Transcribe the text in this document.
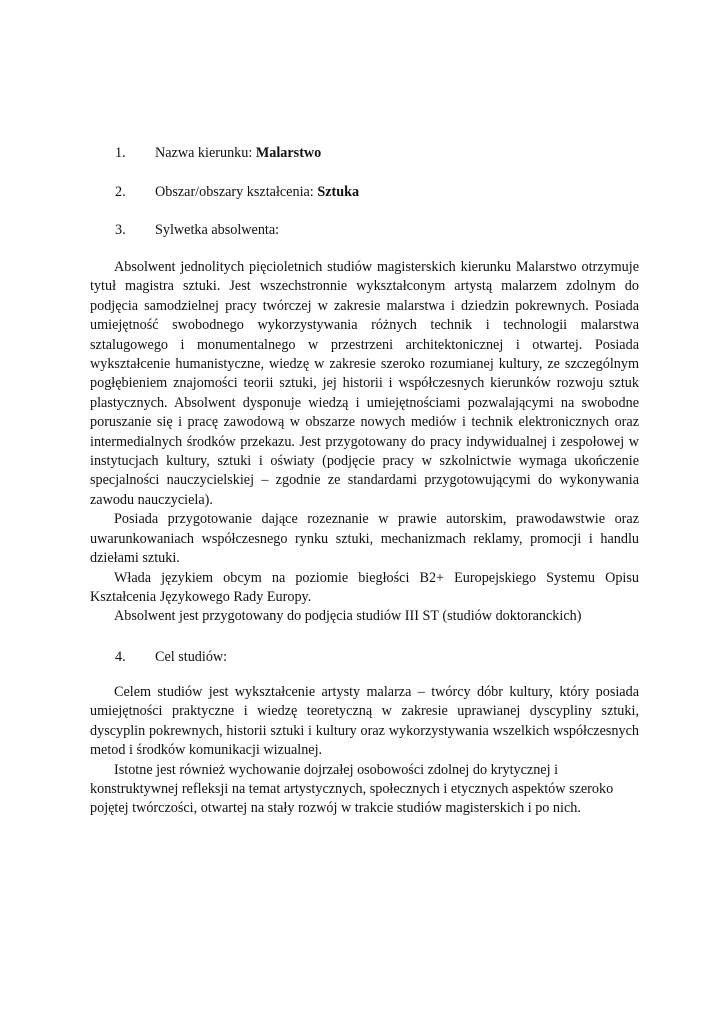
1. Nazwa kierunku: Malarstwo
2. Obszar/obszary kształcenia: Sztuka
3. Sylwetka absolwenta:

Absolwent jednolitych pięcioletnich studiów magisterskich kierunku Malarstwo otrzymuje tytuł magistra sztuki. Jest wszechstronnie wykształconym artystą malarzem zdolnym do podjęcia samodzielnej pracy twórczej w zakresie malarstwa i dziedzin pokrewnych. Posiada umiejętność swobodnego wykorzystywania różnych technik i technologii malarstwa sztalugowego i monumentalnego w przestrzeni architektonicznej i otwartej. Posiada wykształcenie humanistyczne, wiedzę w zakresie szeroko rozumianej kultury, ze szczególnym pogłębieniem znajomości teorii sztuki, jej historii i współczesnych kierunków rozwoju sztuk plastycznych. Absolwent dysponuje wiedzą i umiejętnościami pozwalającymi na swobodne poruszanie się i pracę zawodową w obszarze nowych mediów i technik elektronicznych oraz intermedialnych środków przekazu. Jest przygotowany do pracy indywidualnej i zespołowej w instytucjach kultury, sztuki i oświaty (podjęcie pracy w szkolnictwie wymaga ukończenie specjalności nauczycielskiej – zgodnie ze standardami przygotowującymi do wykonywania zawodu nauczyciela).

Posiada przygotowanie dające rozeznanie w prawie autorskim, prawodawstwie oraz uwarunkowaniach współczesnego rynku sztuki, mechanizmach reklamy, promocji i handlu dziełami sztuki.

Włada językiem obcym na poziomie biegłości B2+ Europejskiego Systemu Opisu Kształcenia Językowego Rady Europy.

Absolwent jest przygotowany do podjęcia studiów III ST (studiów doktoranckich)

4. Cel studiów:

Celem studiów jest wykształcenie artysty malarza – twórcy dóbr kultury, który posiada umiejętności praktyczne i wiedzę teoretyczną w zakresie uprawianej dyscypliny sztuki, dyscyplin pokrewnych, historii sztuki i kultury oraz wykorzystywania wszelkich współczesnych metod i środków komunikacji wizualnej.

Istotne jest również wychowanie dojrzałej osobowości zdolnej do krytycznej i konstruktywnej refleksji na temat artystycznych, społecznych i etycznych aspektów szeroko pojętej twórczości, otwartej na stały rozwój w trakcie studiów magisterskich i po nich.
